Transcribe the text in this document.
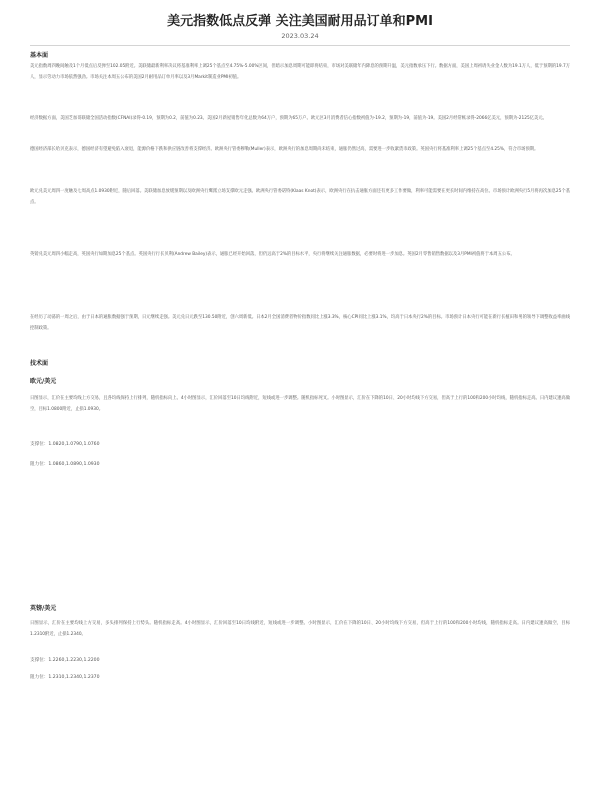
美元指数低点反弹 关注美国耐用品订单和PMI
2023.03.24
基本面

美元指数周四晚间触及1个月低点后反弹至102.05附近。美联储最新利率决议将基准利率上调25个基点至4.75%-5.00%区间，但暗示加息周期可能即将结束，市场对美联储年内降息的预期升温，美元指数承压下行。数据方面，美国上周初请失业金人数为19.1万人，低于预期的19.7万人，显示劳动力市场依然强劲。市场关注本周五公布的美国2月耐用品订单月率以及3月Markit制造业PMI初值。

经济数据方面，美国芝加哥联储全国活动指数(CFNAI)录得-0.19，预期为0.2，前值为0.23。美国2月新屋销售年化总数为64万户，预期为65万户。欧元区3月消费者信心指数初值为-19.2，预期为-19，前值为-19。美国2月经常帐录得-2066亿美元，预期为-2125亿美元。

德国经济部长哈贝克表示，德国经济有望避免陷入衰退，能源价格下跌和供应链改善将支撑经济。欧洲央行管委穆勒(Muller)表示，欧洲央行的加息周期尚未结束，通胀仍然过高，需要进一步收紧货币政策。英国央行将基准利率上调25个基点至4.25%，符合市场预期。

欧元兑美元周四一度触及七周高点1.0930附近，随后回落。美联储加息放缓预期以及欧洲央行鹰派立场支撑欧元走强。欧洲央行管委诺特(Klaas Knot)表示，欧洲央行在抗击通胀方面还有更多工作要做，利率可能需要在更长时间内维持在高位。市场预计欧洲央行5月将再次加息25个基点。

英镑兑美元周四小幅走高，英国央行如期加息25个基点。英国央行行长贝利(Andrew Bailey)表示，通胀已经开始回落，但仍远高于2%的目标水平，央行将继续关注通胀数据，必要时将进一步加息。英国2月零售销售数据以及3月PMI初值将于本周五公布。

在经历了动荡的一周之后，由于日本的通胀数据强于预期，日元继续走强。美元兑日元跌至130.50附近，创六周新低。日本2月全国消费者物价指数同比上涨3.3%，核心CPI同比上涨3.1%，均高于日本央行2%的目标。市场预计日本央行可能在新行长植田和男的领导下调整收益率曲线控制政策。

技术面
欧元/美元

日图显示，汇价在主要均线上方交易，且各均线保持上行排列，随机指标向上。4小时图显示，汇价回落至10日均线附近，短线或进一步调整。随机指标死叉。小时图显示，汇价在下降的10日、20小时均线下方交易，但高于上行的100和200小时均线，随机指标走高。日内建议逢高做空，目标1.0800附近，止损1.0930。

支撑位：1.0820,1.0790,1.0760
阻力位：1.0860,1.0890,1.0930
英镑/美元

日图显示，汇价在主要均线上方交易，多头排列保持上行势头。随机指标走高。4小时图显示，汇价回落至10日均线附近，短线或进一步调整。小时图显示，汇价在下降的10日、20小时均线下方交易，但高于上行的100和200小时均线，随机指标走高。日内建议逢高做空，目标1.2310附近，止损1.2340。

支撑位：1.2260,1.2230,1.2200
阻力位：1.2310,1.2340,1.2370
